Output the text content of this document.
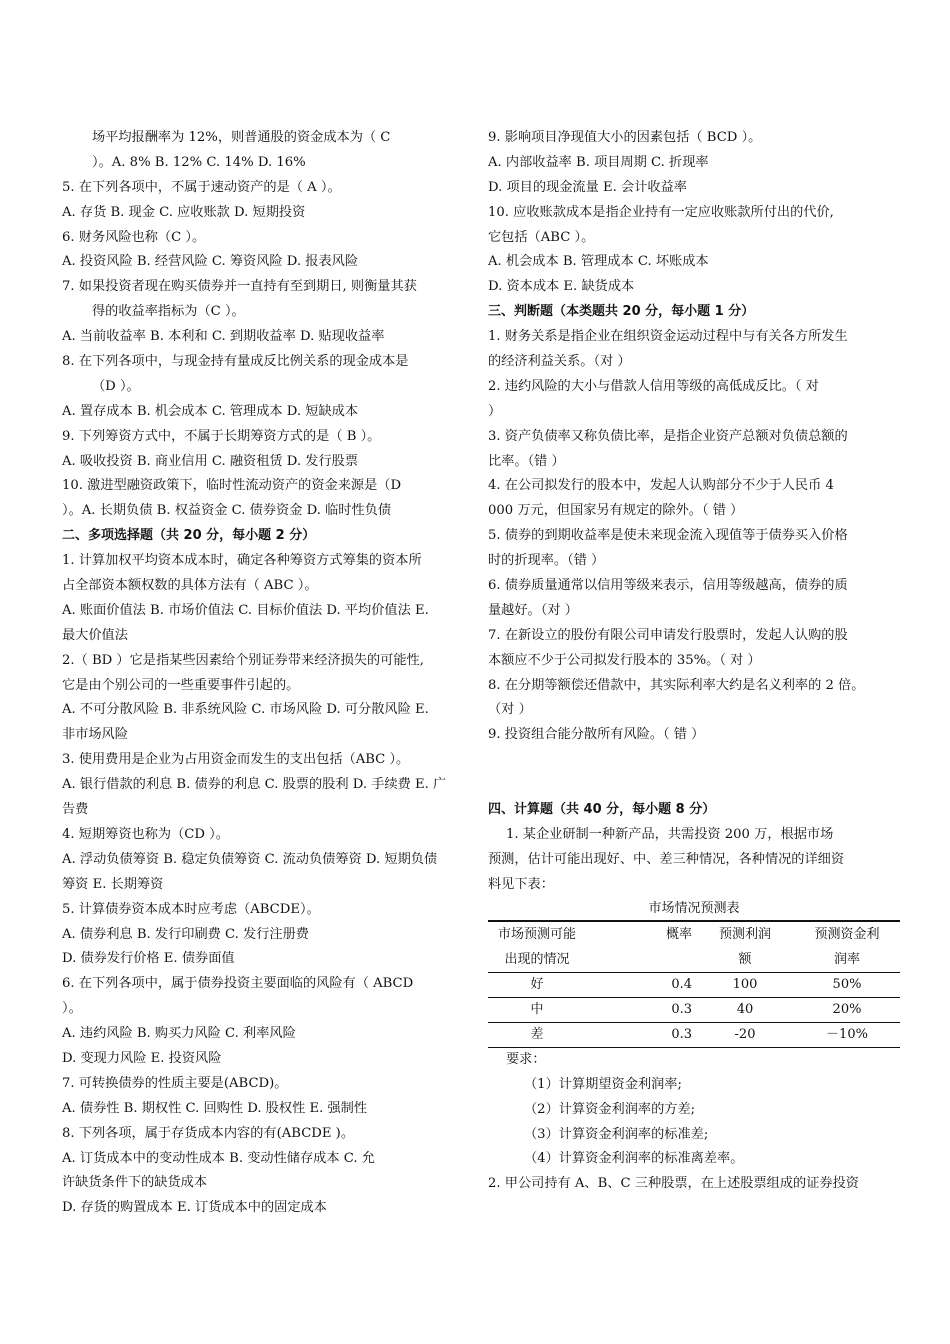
场平均报酬率为 12%，则普通股的资金成本为（ C
）。A. 8% B. 12% C. 14% D. 16%
5. 在下列各项中，不属于速动资产的是（ A ）。
A. 存货 B. 现金 C. 应收账款 D. 短期投资
6. 财务风险也称（C ）。
A. 投资风险 B. 经营风险 C. 筹资风险 D. 报表风险
7. 如果投资者现在购买债券并一直持有至到期日, 则衡量其获
得的收益率指标为（C ）。
A. 当前收益率 B. 本利和 C. 到期收益率 D. 贴现收益率
8. 在下列各项中，与现金持有量成反比例关系的现金成本是
（D ）。
A. 置存成本 B. 机会成本 C. 管理成本 D. 短缺成本
9. 下列筹资方式中，不属于长期筹资方式的是（ B ）。
A. 吸收投资 B. 商业信用 C. 融资租赁 D. 发行股票
10. 激进型融资政策下，临时性流动资产的资金来源是（D
）。A. 长期负债 B. 权益资金 C. 债券资金 D. 临时性负债
二、多项选择题（共 20 分，每小题 2 分）
1. 计算加权平均资本成本时，确定各种筹资方式筹集的资本所
占全部资本额权数的具体方法有（ ABC ）。
A. 账面价值法 B. 市场价值法 C. 目标价值法 D. 平均价值法 E.
最大价值法
2.（ BD ）它是指某些因素给个别证券带来经济损失的可能性,
它是由个别公司的一些重要事件引起的。
A. 不可分散风险 B. 非系统风险 C. 市场风险 D. 可分散风险 E.
非市场风险
3. 使用费用是企业为占用资金而发生的支出包括（ABC ）。
A. 银行借款的利息 B. 债券的利息 C. 股票的股利 D. 手续费 E. 广
告费
4. 短期筹资也称为（CD ）。
A. 浮动负债筹资 B. 稳定负债筹资 C. 流动负债筹资 D. 短期负债
筹资 E. 长期筹资
5. 计算债券资本成本时应考虑（ABCDE）。
A. 债券利息 B. 发行印刷费 C. 发行注册费
D. 债券发行价格 E. 债券面值
6. 在下列各项中，属于债券投资主要面临的风险有（ ABCD
）。
A. 违约风险 B. 购买力风险 C. 利率风险
D. 变现力风险 E. 投资风险
7. 可转换债券的性质主要是(ABCD)。
A. 债券性 B. 期权性 C. 回购性 D. 股权性 E. 强制性
8. 下列各项，属于存货成本内容的有(ABCDE )。
A. 订货成本中的变动性成本 B. 变动性储存成本 C. 允
许缺货条件下的缺货成本
D. 存货的购置成本 E. 订货成本中的固定成本
9. 影响项目净现值大小的因素包括（ BCD ）。
A. 内部收益率 B. 项目周期 C. 折现率
D. 项目的现金流量 E. 会计收益率
10. 应收账款成本是指企业持有一定应收账款所付出的代价,
它包括（ABC ）。
A. 机会成本 B. 管理成本 C. 坏账成本
D. 资本成本 E. 缺货成本
三、判断题（本类题共 20 分，每小题 1 分）
1. 财务关系是指企业在组织资金运动过程中与有关各方所发生
的经济利益关系。（对 ）
2. 违约风险的大小与借款人信用等级的高低成反比。（ 对
）
3. 资产负债率又称负债比率，是指企业资产总额对负债总额的
比率。（错 ）
4. 在公司拟发行的股本中，发起人认购部分不少于人民币 4
000 万元，但国家另有规定的除外。（ 错 ）
5. 债券的到期收益率是使未来现金流入现值等于债券买入价格
时的折现率。（错 ）
6. 债券质量通常以信用等级来表示，信用等级越高，债券的质
量越好。（对 ）
7. 在新设立的股份有限公司申请发行股票时，发起人认购的股
本额应不少于公司拟发行股本的 35%。（ 对 ）
8. 在分期等额偿还借款中，其实际利率大约是名义利率的 2 倍。
（对 ）
9. 投资组合能分散所有风险。（ 错 ）
四、计算题（共 40 分，每小题 8 分）
1. 某企业研制一种新产品，共需投资 200 万，根据市场
预测，估计可能出现好、中、差三种情况，各种情况的详细资
料见下表：
市场情况预测表
市场预测可能	概率	预测利润	预测资金利
出现的情况		额	润率
好	0.4	100	50%
中	0.3	40	20%
差	0.3	-20	－10%
要求：
（1）计算期望资金利润率;
（2）计算资金利润率的方差;
（3）计算资金利润率的标准差;
（4）计算资金利润率的标准离差率。
2. 甲公司持有 A、B、C 三种股票，在上述股票组成的证券投资
